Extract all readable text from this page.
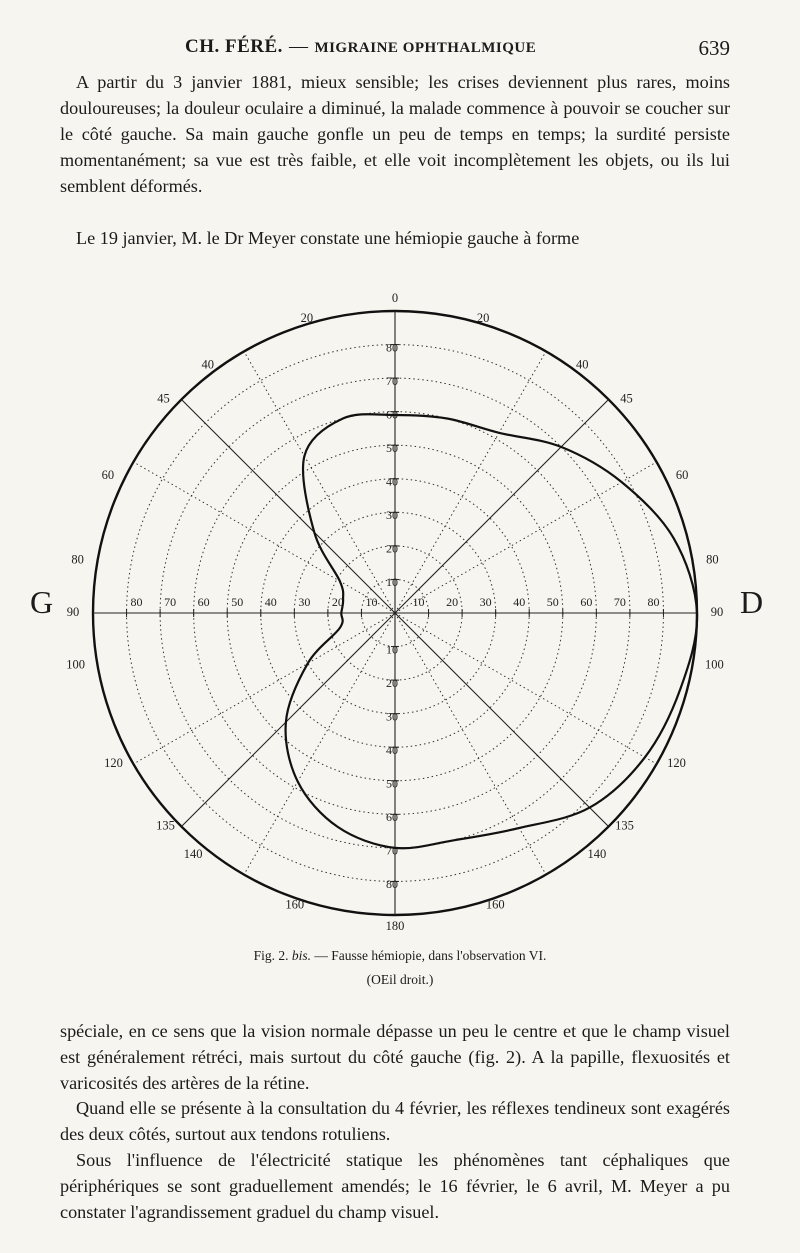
CH. FÉRÉ. — MIGRAINE OPHTHALMIQUE	639

A partir du 3 janvier 1881, mieux sensible; les crises deviennent plus rares, moins douloureuses; la douleur oculaire a diminué, la malade commence à pouvoir se coucher sur le côté gauche. Sa main gauche gonfle un peu de temps en temps; la surdité persiste momentanément; sa vue est très faible, et elle voit incomplètement les objets, ou ils lui semblent déformés.

Le 19 janvier, M. le Dr Meyer constate une hémiopie gauche à forme

G	D
10
10
20
20
30
30
40
40
50
50
60
60
70
70
80
80
80 70 60 50 40 30 20 10	10 20 30 40 50 60 70 80
0
20
20
40
40
45
45
60
60
80
80
90
90
100
100
120
120
135
135
140
140
160
160
180
Fig. 2. bis. — Fausse hémiopie, dans l'observation VI.
(OEil droit.)

spéciale, en ce sens que la vision normale dépasse un peu le centre et que le champ visuel est généralement rétréci, mais surtout du côté gauche (fig. 2). A la papille, flexuosités et varicosités des artères de la rétine.

Quand elle se présente à la consultation du 4 février, les réflexes tendineux sont exagérés des deux côtés, surtout aux tendons rotuliens.

Sous l'influence de l'électricité statique les phénomènes tant céphaliques que périphériques se sont graduellement amendés; le 16 février, le 6 avril, M. Meyer a pu constater l'agrandissement graduel du champ visuel.
